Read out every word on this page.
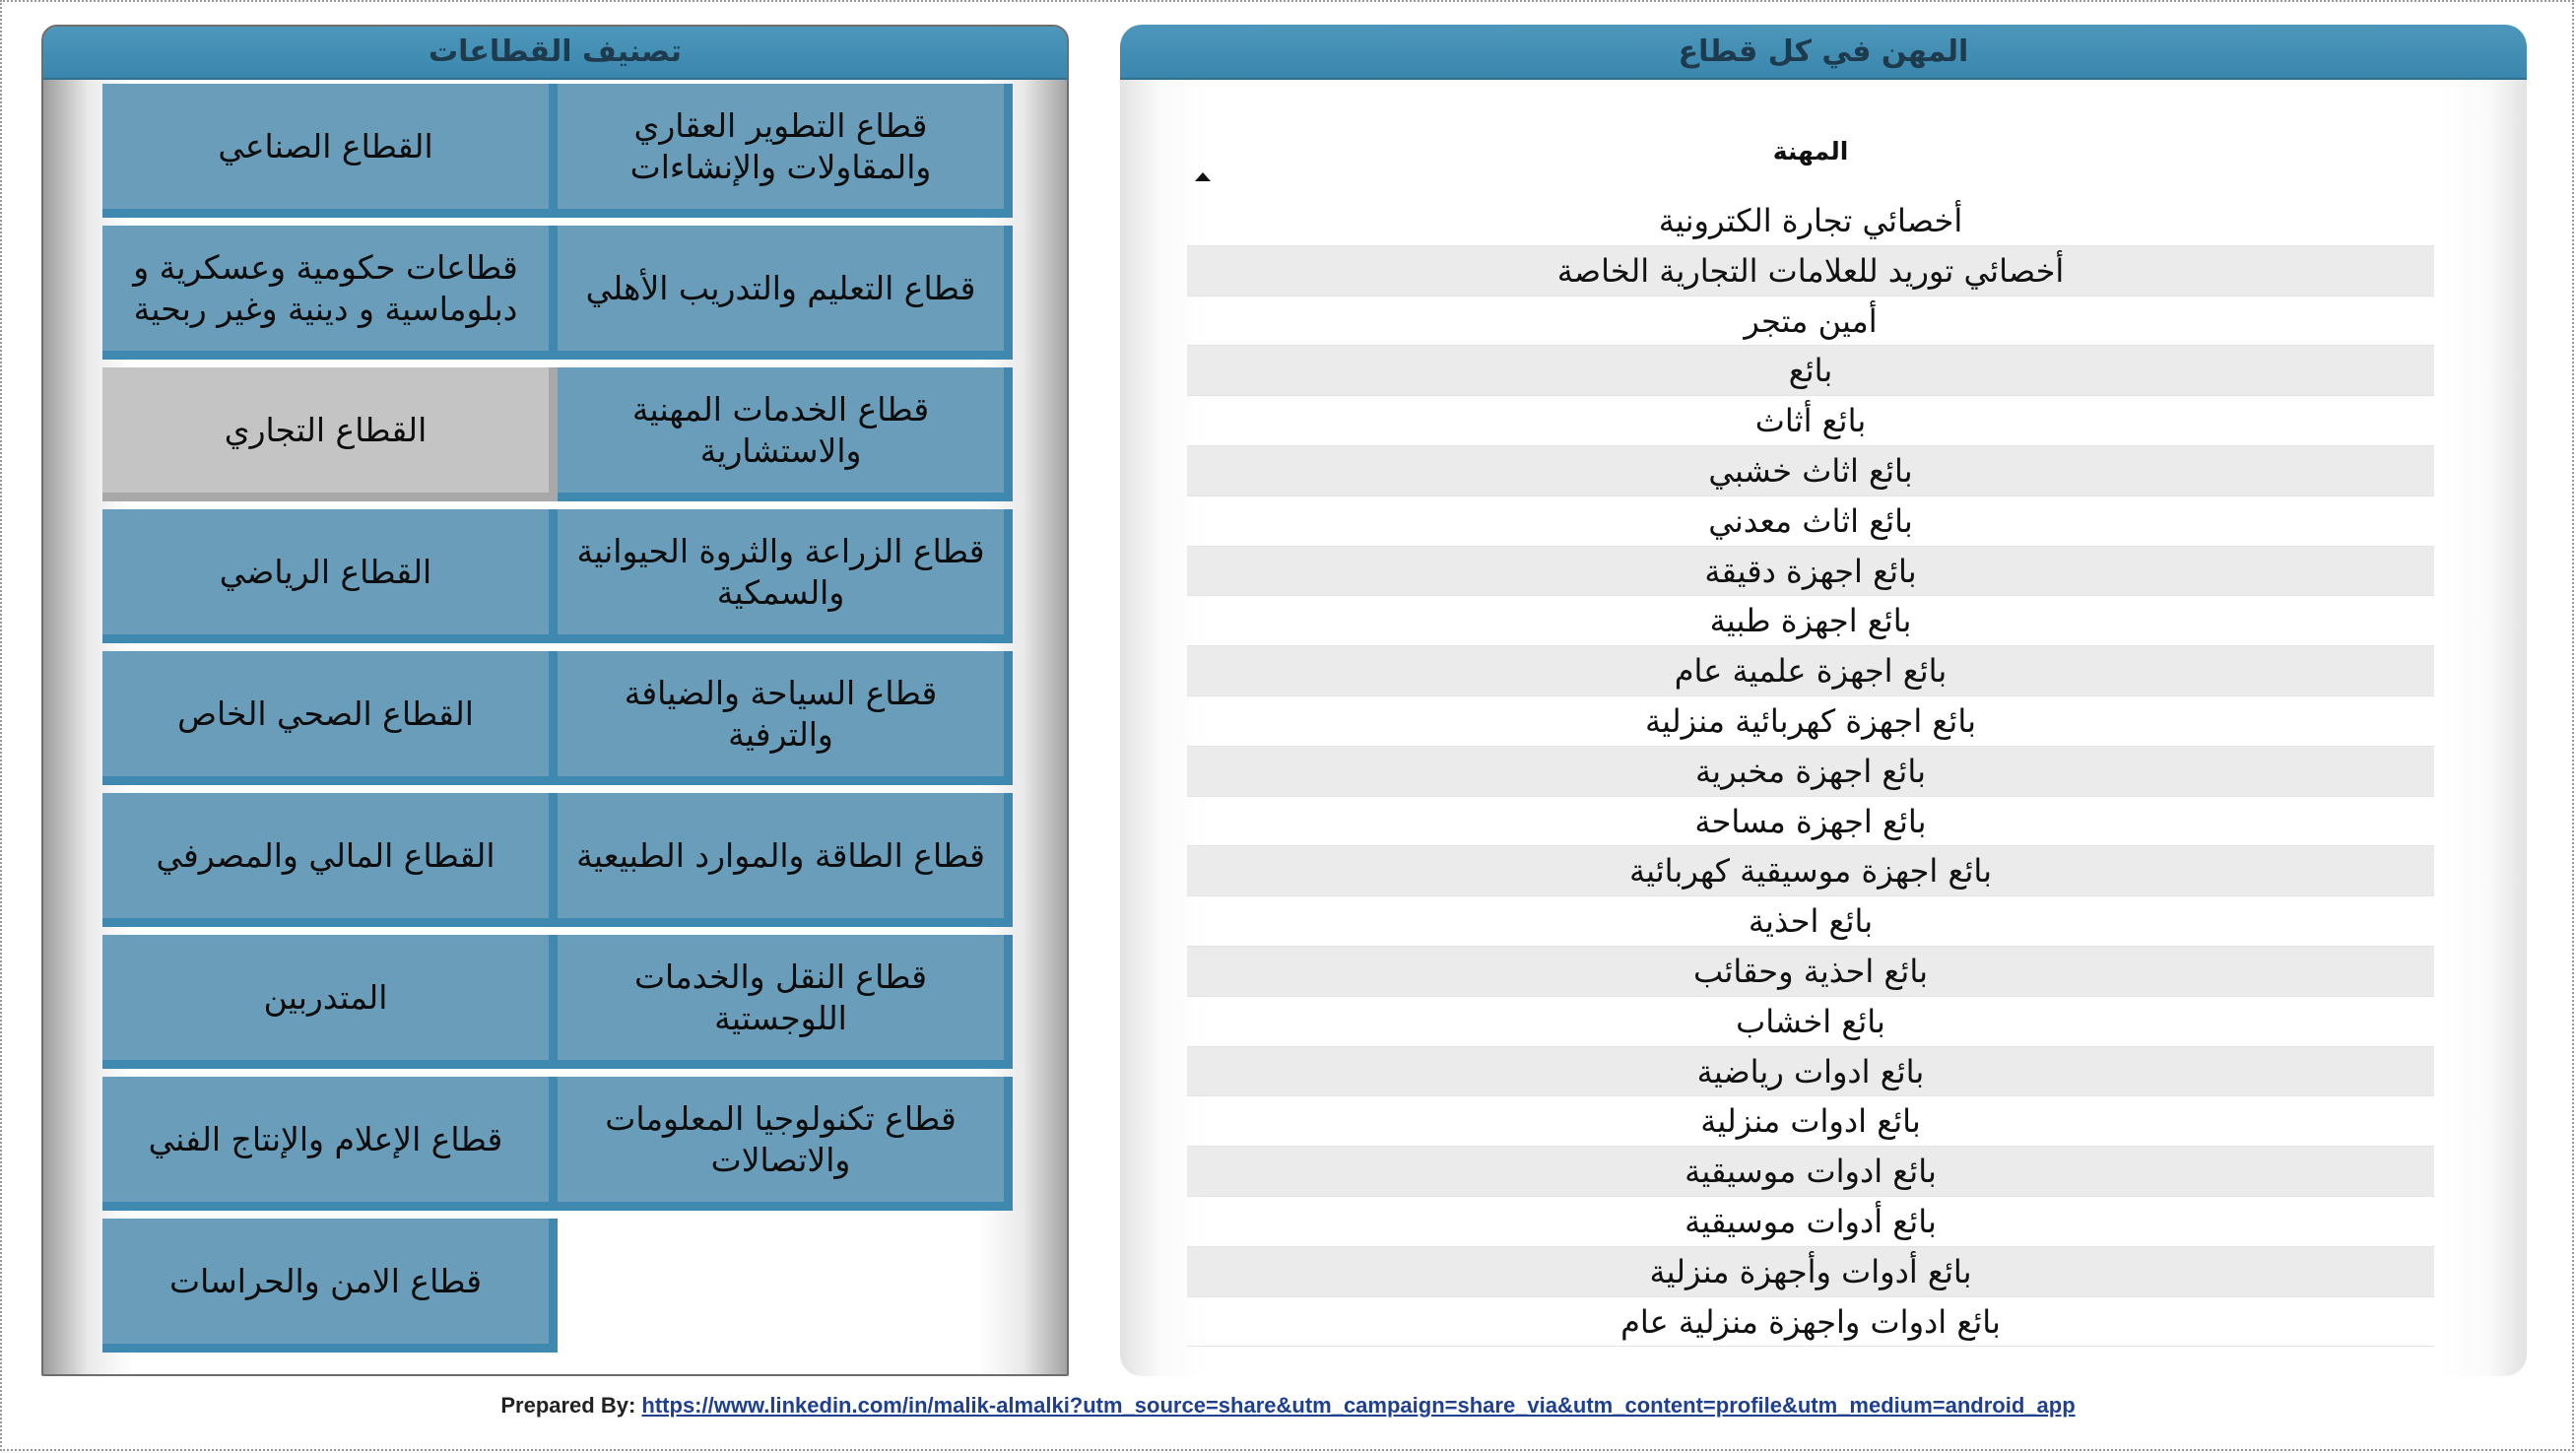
تصنيف القطاعات
قطاع التطوير العقاري والمقاولات والإنشاءات
القطاع الصناعي
قطاع التعليم والتدريب الأهلي
قطاعات حكومية وعسكرية و دبلوماسية و دينية وغير ربحية
قطاع الخدمات المهنية والاستشارية
القطاع التجاري
قطاع الزراعة والثروة الحيوانية والسمكية
القطاع الرياضي
قطاع السياحة والضيافة والترفية
القطاع الصحي الخاص
قطاع الطاقة والموارد الطبيعية
القطاع المالي والمصرفي
قطاع النقل والخدمات اللوجستية
المتدربين
قطاع تكنولوجيا المعلومات والاتصالات
قطاع الإعلام والإنتاج الفني
قطاع الامن والحراسات
المهن في كل قطاع
المهنة
أخصائي تجارة الكترونية
أخصائي توريد للعلامات التجارية الخاصة
أمين متجر
بائع
بائع أثاث
بائع اثاث خشبي
بائع اثاث معدني
بائع اجهزة دقيقة
بائع اجهزة طبية
بائع اجهزة علمية عام
بائع اجهزة كهربائية منزلية
بائع اجهزة مخبرية
بائع اجهزة مساحة
بائع اجهزة موسيقية كهربائية
بائع احذية
بائع احذية وحقائب
بائع اخشاب
بائع ادوات رياضية
بائع ادوات منزلية
بائع ادوات موسيقية
بائع أدوات موسيقية
بائع أدوات وأجهزة منزلية
بائع ادوات واجهزة منزلية عام
Prepared By: https://www.linkedin.com/in/malik-almalki?utm_source=share&utm_campaign=share_via&utm_content=profile&utm_medium=android_app
